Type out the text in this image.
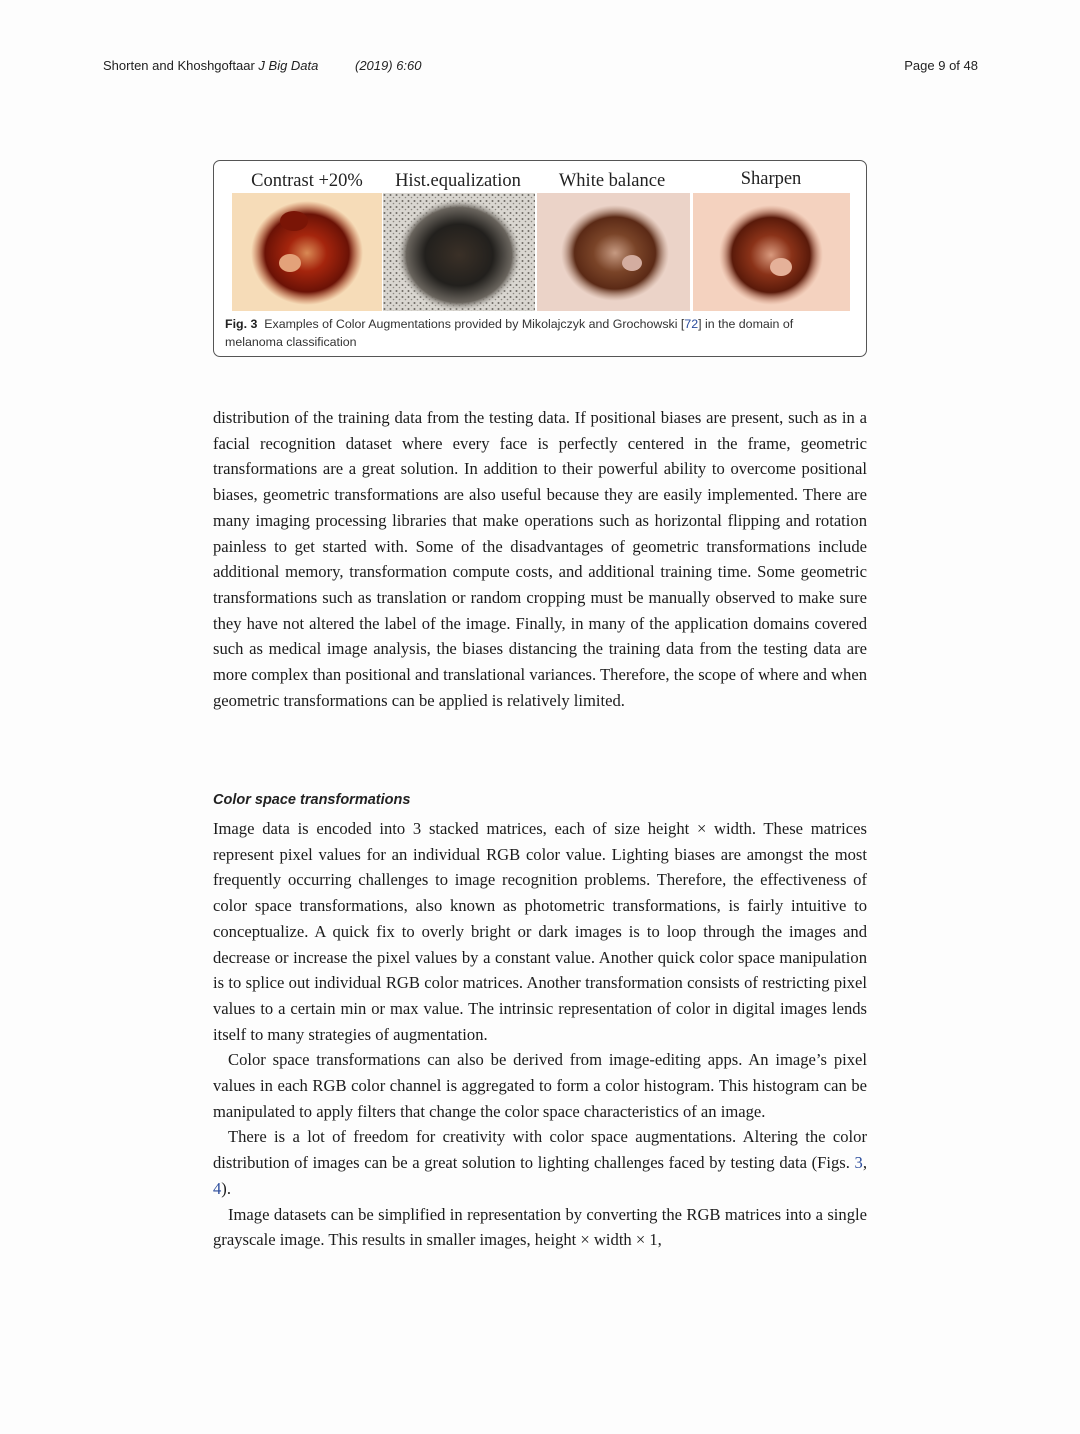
Shorten and Khoshgoftaar J Big Data	(2019) 6:60	Page 9 of 48
Contrast +20%	Hist.equalization	White balance	Sharpen
Fig. 3 Examples of Color Augmentations provided by Mikolajczyk and Grochowski [72] in the domain of melanoma classification

distribution of the training data from the testing data. If positional biases are present, such as in a facial recognition dataset where every face is perfectly centered in the frame, geometric transformations are a great solution. In addition to their powerful ability to overcome positional biases, geometric transformations are also useful because they are easily implemented. There are many imaging processing libraries that make operations such as horizontal flipping and rotation painless to get started with. Some of the disadvantages of geometric transformations include additional memory, transformation compute costs, and additional training time. Some geometric transformations such as translation or random cropping must be manually observed to make sure they have not altered the label of the image. Finally, in many of the application domains covered such as medical image analysis, the biases distancing the training data from the testing data are more complex than positional and translational variances. Therefore, the scope of where and when geometric transformations can be applied is relatively limited.

Color space transformations

Image data is encoded into 3 stacked matrices, each of size height × width. These matrices represent pixel values for an individual RGB color value. Lighting biases are amongst the most frequently occurring challenges to image recognition problems. Therefore, the effectiveness of color space transformations, also known as photometric transformations, is fairly intuitive to conceptualize. A quick fix to overly bright or dark images is to loop through the images and decrease or increase the pixel values by a constant value. Another quick color space manipulation is to splice out individual RGB color matrices. Another transformation consists of restricting pixel values to a certain min or max value. The intrinsic representation of color in digital images lends itself to many strategies of augmentation.

Color space transformations can also be derived from image-editing apps. An image’s pixel values in each RGB color channel is aggregated to form a color histogram. This histogram can be manipulated to apply filters that change the color space characteristics of an image.

There is a lot of freedom for creativity with color space augmentations. Altering the color distribution of images can be a great solution to lighting challenges faced by testing data (Figs. 3, 4).

Image datasets can be simplified in representation by converting the RGB matrices into a single grayscale image. This results in smaller images, height × width × 1,
